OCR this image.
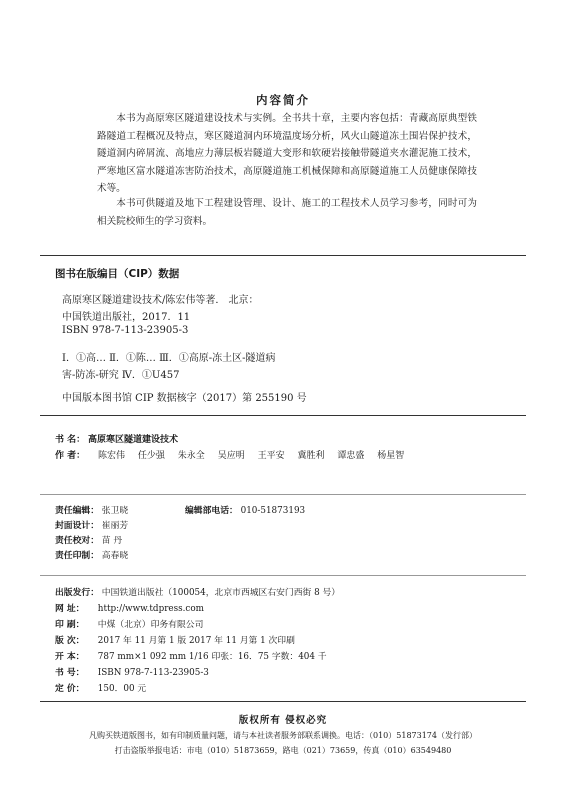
内容简介

本书为高原寒区隧道建设技术与实例。全书共十章，主要内容包括：青藏高原典型铁路隧道工程概况及特点，寒区隧道洞内环境温度场分析，风火山隧道冻土围岩保护技术，隧道洞内碎屑流、高地应力薄层板岩隧道大变形和软硬岩接触带隧道夹水灌泥施工技术，严寒地区富水隧道冻害防治技术，高原隧道施工机械保障和高原隧道施工人员健康保障技术等。

本书可供隧道及地下工程建设管理、设计、施工的工程技术人员学习参考，同时可为相关院校师生的学习资料。

图书在版编目（CIP）数据
高原寒区隧道建设技术/陈宏伟等著． 北京：
中国铁道出版社，2017．11
ISBN 978-7-113-23905-3
Ⅰ．①高… Ⅱ．①陈… Ⅲ．①高原-冻土区-隧道病
害-防冻-研究 Ⅳ．①U457
中国版本图书馆 CIP 数据核字（2017）第 255190 号
书 名： 高原寒区隧道建设技术
作 者： 陈宏伟 任少强 朱永全 吴应明 王平安 冀胜利 谭忠盛 杨星智
责任编辑： 张卫晓	编辑部电话： 010-51873193
封面设计： 崔丽芳
责任校对： 苗 丹
责任印制： 高春晓
出版发行： 中国铁道出版社（100054，北京市西城区右安门西街 8 号）
网 址： http://www.tdpress.com
印 刷： 中煤（北京）印务有限公司
版 次： 2017 年 11 月第 1 版 2017 年 11 月第 1 次印刷
开 本： 787 mm×1 092 mm 1/16 印张：16．75 字数：404 千
书 号： ISBN 978-7-113-23905-3
定 价： 150．00 元
版权所有 侵权必究
凡购买铁道版图书，如有印制质量问题，请与本社读者服务部联系调换。电话：（010）51873174（发行部）
打击盗版举报电话：市电（010）51873659，路电（021）73659，传真（010）63549480
